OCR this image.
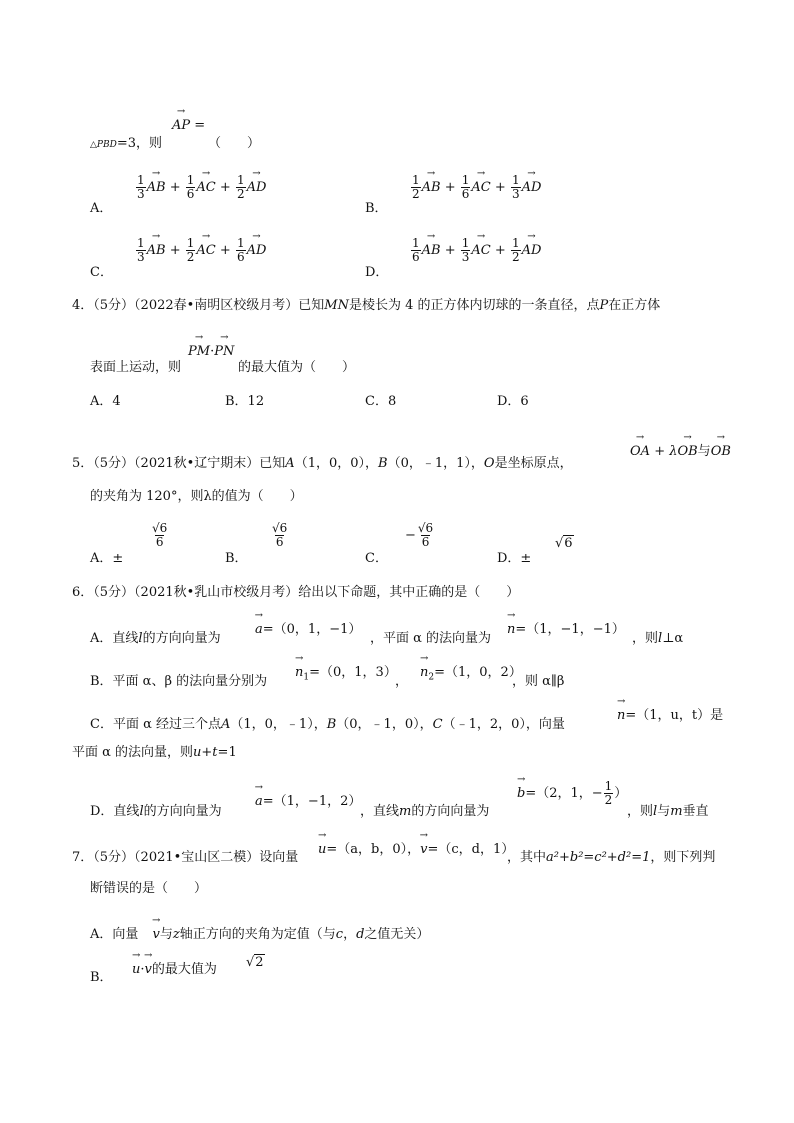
△PBD=3，则
→ AP =
（　　）
A．
$\frac{1}{3}$ → AB + $\frac{1}{6}$ → AC + $\frac{1}{2}$ → AD
B．
$\frac{1}{2}$ → AB + $\frac{1}{6}$ → AC + $\frac{1}{3}$ → AD
C．
$\frac{1}{3}$ → AB + $\frac{1}{2}$ → AC + $\frac{1}{6}$ → AD
D．
$\frac{1}{6}$ → AB + $\frac{1}{3}$ → AC + $\frac{1}{2}$ → AD
4．（5分）（2022春•南明区校级月考）已知MN是棱长为 4 的正方体内切球的一条直径，点P在正方体
表面上运动，则
→ PM·→ PN
的最大值为（　　）
A．4	B．12	C．8	D．6
5．（5分）（2021秋•辽宁期末）已知A（1，0，0），B（0，﹣1，1），O是坐标原点，
→ OA + λ→ OB与→ OB
的夹角为 120°，则λ的值为（　　）
A．±
$\frac{√6}{6}$
B．
$\frac{√6}{6}$
C．
− $\frac{√6}{6}$
D．±
√6
6．（5分）（2021秋•乳山市校级月考）给出以下命题，其中正确的是（　　）
A．直线l的方向向量为
→ a=（0，1，−1）
，平面 α 的法向量为
→ n=（1，−1，−1）
，则l⊥α
B．平面 α、β 的法向量分别为
→ $n_1=(0$，1，3）
，
→ $n_2=(1$，0，2）
，则 α∥β
C．平面 α 经过三个点A（1，0，﹣1），B（0，﹣1，0），C（﹣1，2，0），向量
→ n=（1，u，t）是
平面 α 的法向量，则u+t=1
D．直线l的方向向量为
→ a=（1，−1，2）
，直线m的方向向量为
→ b=（2，1，− $\frac{1}{2}$ ）
，则l与m垂直
7．（5分）（2021•宝山区二模）设向量
→ u=（a，b，0），→ v=（c，d，1）
，其中a²+b²=c²+d²=1，则下列判
断错误的是（　　）
A．向量 → v与z轴正方向的夹角为定值（与c，d之值无关）
B．
→ u·→ v的最大值为 √2
